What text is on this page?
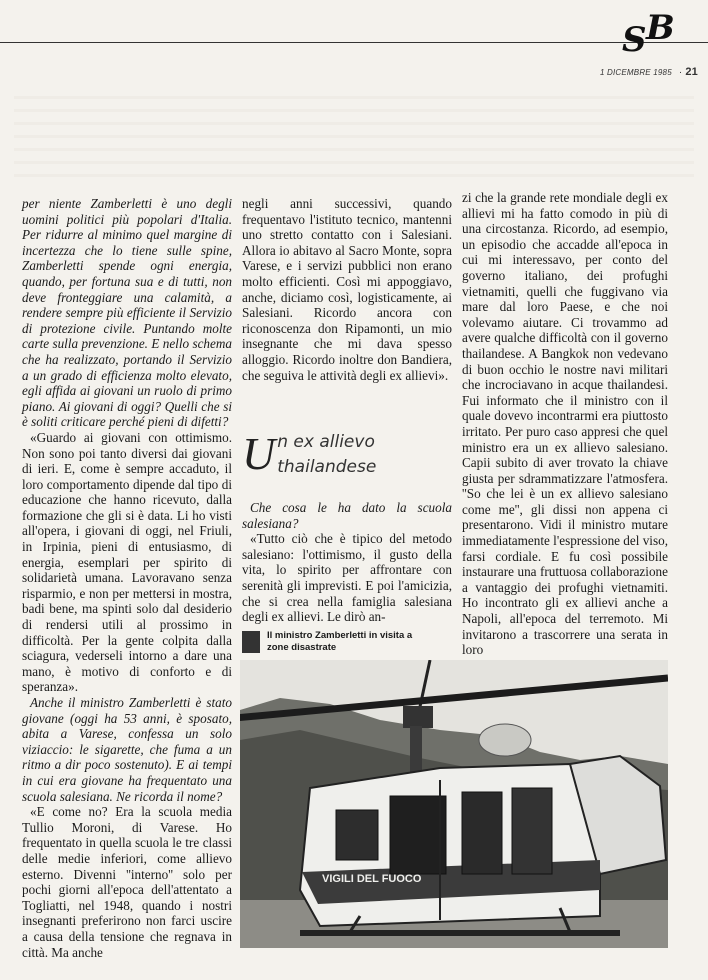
S B
1 DICEMBRE 1985 · 21

per niente Zamberletti è uno degli uomini politici più popolari d'Italia. Per ridurre al minimo quel margine di incertezza che lo tiene sulle spine, Zamberletti spende ogni energia, quando, per fortuna sua e di tutti, non deve fronteggiare una calamità, a rendere sempre più efficiente il Servizio di protezione civile. Puntando molte carte sulla prevenzione. E nello schema che ha realizzato, portando il Servizio a un grado di efficienza molto elevato, egli affida ai giovani un ruolo di primo piano. Ai giovani di oggi? Quelli che si è soliti criticare perché pieni di difetti?

«Guardo ai giovani con ottimismo. Non sono poi tanto diversi dai giovani di ieri. E, come è sempre accaduto, il loro comportamento dipende dal tipo di educazione che hanno ricevuto, dalla formazione che gli si è data. Li ho visti all'opera, i giovani di oggi, nel Friuli, in Irpinia, pieni di entusiasmo, di energia, esemplari per spirito di solidarietà umana. Lavoravano senza risparmio, e non per mettersi in mostra, badi bene, ma spinti solo dal desiderio di rendersi utili al prossimo in difficoltà. Per la gente colpita dalla sciagura, vederseli intorno a dare una mano, è motivo di conforto e di speranza».

Anche il ministro Zamberletti è stato giovane (oggi ha 53 anni, è sposato, abita a Varese, confessa un solo viziaccio: le sigarette, che fuma a un ritmo a dir poco sostenuto). E ai tempi in cui era giovane ha frequentato una scuola salesiana. Ne ricorda il nome?

«E come no? Era la scuola media Tullio Moroni, di Varese. Ho frequentato in quella scuola le tre classi delle medie inferiori, come allievo esterno. Divenni ''interno'' solo per pochi giorni all'epoca dell'attentato a Togliatti, nel 1948, quando i nostri insegnanti preferirono non farci uscire a causa della tensione che regnava in città. Ma anche

negli anni successivi, quando frequentavo l'istituto tecnico, mantenni uno stretto contatto con i Salesiani. Allora io abitavo al Sacro Monte, sopra Varese, e i servizi pubblici non erano molto efficienti. Così mi appoggiavo, anche, diciamo così, logisticamente, ai Salesiani. Ricordo ancora con riconoscenza don Ripamonti, un mio insegnante che mi dava spesso alloggio. Ricordo inoltre don Bandiera, che seguiva le attività degli ex allievi».

U n ex allievo thailandese

Che cosa le ha dato la scuola salesiana?

«Tutto ciò che è tipico del metodo salesiano: l'ottimismo, il gusto della vita, lo spirito per affrontare con serenità gli imprevisti. E poi l'amicizia, che si crea nella famiglia salesiana degli ex allievi. Le dirò an-

Il ministro Zamberletti in visita a zone disastrate

zi che la grande rete mondiale degli ex allievi mi ha fatto comodo in più di una circostanza. Ricordo, ad esempio, un episodio che accadde all'epoca in cui mi interessavo, per conto del governo italiano, dei profughi vietnamiti, quelli che fuggivano via mare dal loro Paese, e che noi volevamo aiutare. Ci trovammo ad avere qualche difficoltà con il governo thailandese. A Bangkok non vedevano di buon occhio le nostre navi militari che incrociavano in acque thailandesi. Fui informato che il ministro con il quale dovevo incontrarmi era piuttosto irritato. Per puro caso appresi che quel ministro era un ex allievo salesiano. Capii subito di aver trovato la chiave giusta per sdrammatizzare l'atmosfera. ''So che lei è un ex allievo salesiano come me'', gli dissi non appena ci presentarono. Vidi il ministro mutare immediatamente l'espressione del viso, farsi cordiale. E fu così possibile instaurare una fruttuosa collaborazione a vantaggio dei profughi vietnamiti. Ho incontrato gli ex allievi anche a Napoli, all'epoca del terremoto. Mi invitarono a trascorrere una serata in loro

VIGILI DEL FUOCO
